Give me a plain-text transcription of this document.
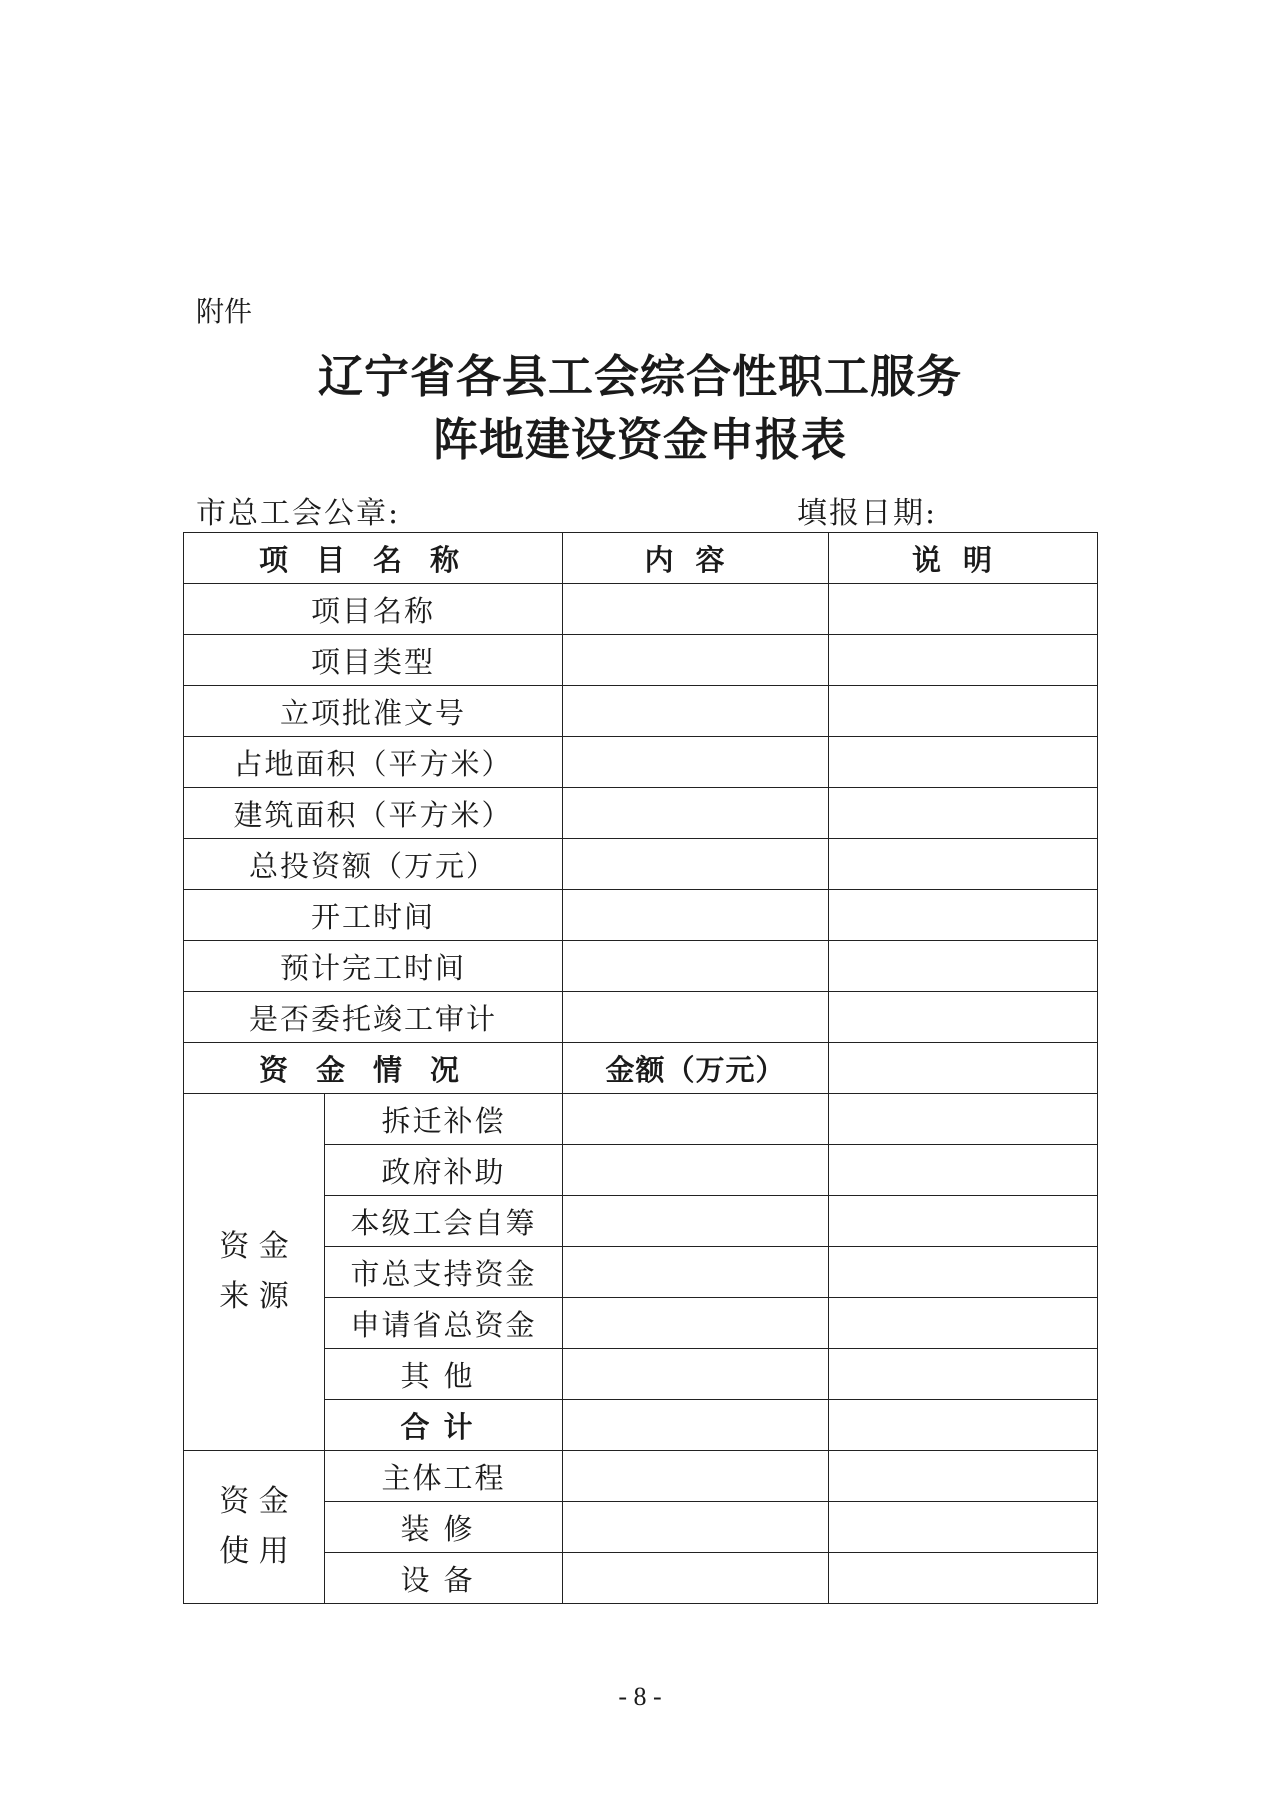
附件
辽宁省各县工会综合性职工服务
阵地建设资金申报表
市总工会公章:	填报日期:
项目名称		内容	说明
项目名称			
项目类型			
立项批准文号			
占地面积（平方米）			
建筑面积（平方米）			
总投资额（万元）			
开工时间			
预计完工时间			
是否委托竣工审计			
资金情况		金额（万元）	

资 金
来 源	拆迁补偿		
	政府补助		
	本级工会自筹		
	市总支持资金		
	申请省总资金		
	其他		
	合计		

资 金
使 用	主体工程		
	装修		
	设备		
- 8 -
